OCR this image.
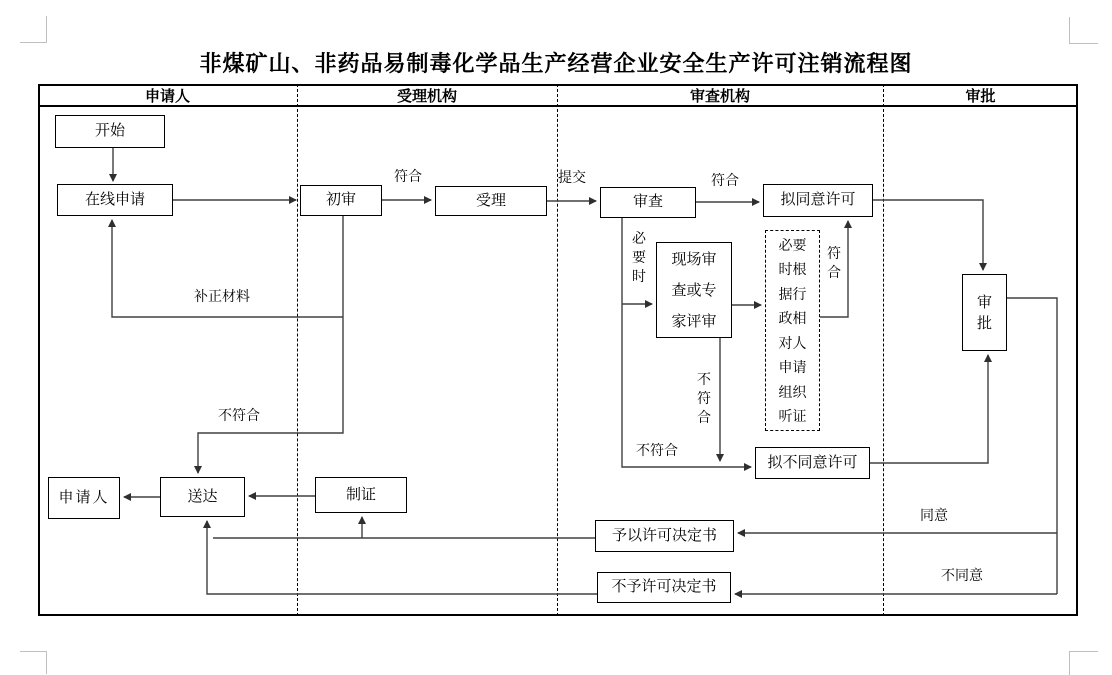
非煤矿山、非药品易制毒化学品生产经营企业安全生产许可注销流程图
申请人	受理机构	审查机构	审批
开始
在线申请	初审	受理	审查	拟同意许可
现场审查或专家评审
必要时根据行政相对人申请组织听证
拟不同意许可
审批
申请人	送达	制证
予以许可决定书
不予许可决定书
符合	提交	符合
补正材料
不符合
必要时
不符合
符合
不符合
同意
不同意
